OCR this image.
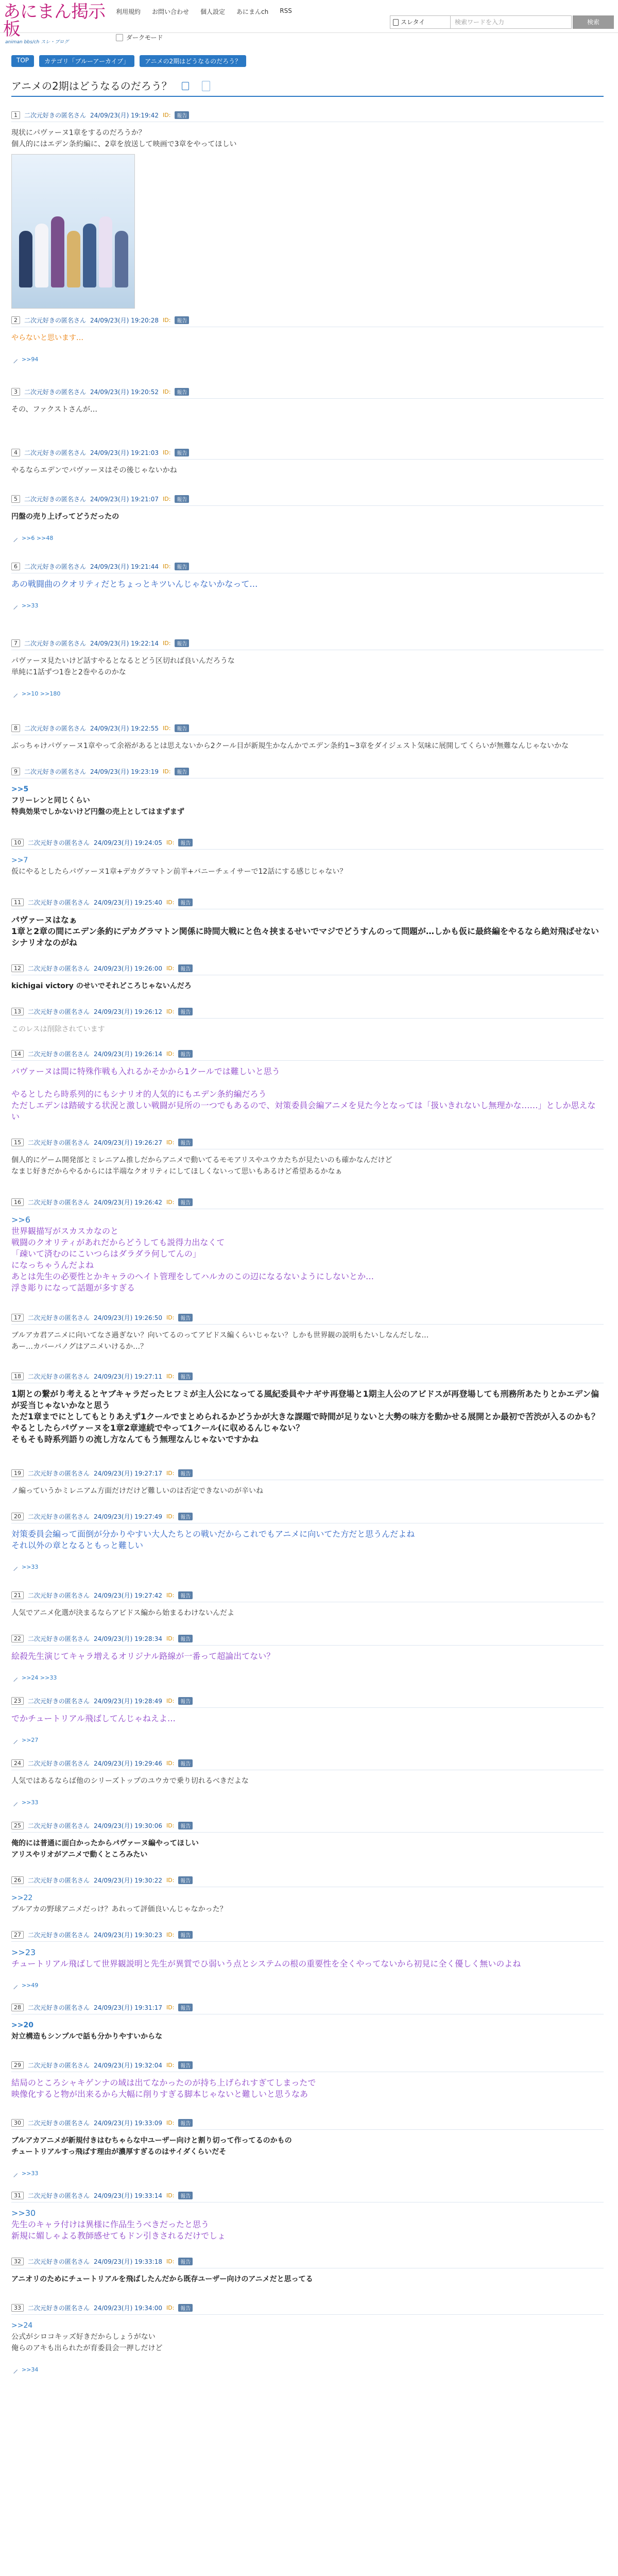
あにまん掲示板
animan bbs/ch スレ・ブログ
利用規約 お問い合わせ 個人設定 あにまんch RSS
スレタイ	検索ワードを入力	検索
ダークモード
TOP	カテゴリ「ブルーアーカイブ」	アニメの2期はどうなるのだろう？
アニメの2期はどうなるのだろう？
1	二次元好きの匿名さん 24/09/23(月) 19:19:42 ID:	報告
現状にパヴァーヌ1章をするのだろうか？
個人的にはエデン条約編に、2章を放送して映画で3章をやってほしい
2	二次元好きの匿名さん 24/09/23(月) 19:20:28 ID:	報告
やらないと思います…
>>94
3	二次元好きの匿名さん 24/09/23(月) 19:20:52 ID:	報告
その、ファクストさんが…
4	二次元好きの匿名さん 24/09/23(月) 19:21:03 ID:	報告
やるならエデンでパヴァーヌはその後じゃないかね
5	二次元好きの匿名さん 24/09/23(月) 19:21:07 ID:	報告
円盤の売り上げってどうだったの
>>6 >>48
6	二次元好きの匿名さん 24/09/23(月) 19:21:44 ID:	報告
あの戦闘曲のクオリティだとちょっとキツいんじゃないかなって…
>>33
7	二次元好きの匿名さん 24/09/23(月) 19:22:14 ID:	報告
パヴァーヌ見たいけど話すやるとなるとどう区切れば良いんだろうな
単純に1話ずつ1巻と2巻やるのかな
>>10 >>180
8	二次元好きの匿名さん 24/09/23(月) 19:22:55 ID:	報告
ぶっちゃけパヴァーヌ1章やって余裕があるとは思えないから2クール目が新規生かなんかでエデン条約1~3章をダイジェスト気味に展開してくらいが無難なんじゃないかな
9	二次元好きの匿名さん 24/09/23(月) 19:23:19 ID:	報告
>>5
フリーレンと同じくらい
特典効果でしかないけど円盤の売上としてはまずまず
10	二次元好きの匿名さん 24/09/23(月) 19:24:05 ID:	報告
>>7
仮にやるとしたらパヴァーヌ1章+デカグラマトン前半+バニーチェイサーで12話にする感じじゃない？
11	二次元好きの匿名さん 24/09/23(月) 19:25:40 ID:	報告
パヴァーヌはなぁ
1章と2章の間にエデン条約にデカグラマトン関係に時間大戦にと色々挟まるせいでマジでどうすんのって問題が…しかも仮に最終編をやるなら絶対飛ばせないシナリオなのがね
12	二次元好きの匿名さん 24/09/23(月) 19:26:00 ID:	報告
kichigai victory のせいでそれどころじゃないんだろ
13	二次元好きの匿名さん 24/09/23(月) 19:26:12 ID:	報告
このレスは削除されています
14	二次元好きの匿名さん 24/09/23(月) 19:26:14 ID:	報告
パヴァーヌは間に特殊作戦も入れるかそかから1クールでは難しいと思う

やるとしたら時系列的にもシナリオ的人気的にもエデン条約編だろう
ただしエデンは踏破する状況と激しい戦闘が見所の一つでもあるので、対策委員会編アニメを見た今となっては「扱いきれないし無理かな……」としか思えない
15	二次元好きの匿名さん 24/09/23(月) 19:26:27 ID:	報告
個人的にゲーム開発部とミレニアム推しだからアニメで動いてるモモアリスやユウカたちが見たいのも確かなんだけど
なまじ好きだからやるからには半端なクオリティにしてほしくないって思いもあるけど希望あるかなぁ
16	二次元好きの匿名さん 24/09/23(月) 19:26:42 ID:	報告
>>6
世界観描写がスカスカなのと
戦闘のクオリティがあれだからどうしても説得力出なくて
「疎いて済むのにこいつらはダラダラ何してんの」
になっちゃうんだよね
あとは先生の必要性とかキャラのヘイト管理をしてハルカのこの辺になるないようにしないとか…
浮き彫りになって話題が多すぎる
17	二次元好きの匿名さん 24/09/23(月) 19:26:50 ID:	報告
ブルアカ君アニメに向いてなさ過ぎない？向いてるのってアビドス編くらいじゃない？しかも世界観の説明もたいしなんだしな…
あー…カバーバノグはアニメいけるか…？
18	二次元好きの匿名さん 24/09/23(月) 19:27:11 ID:	報告
1期との繋がり考えるとヤブキャラだったヒフミが主人公になってる風紀委員やナギサ再登場と1期主人公のアビドスが再登場しても刑務所あたりとかエデン偏が妥当じゃないかなと思う
ただ1章までにとしてもとりあえず1クールでまとめられるかどうかが大きな課題で時間が足りないと大勢の味方を動かせる展開とか最初で苦渋が入るのかも？
やるとしたらパヴァーヌを1章2章連続でやって1クール(に収めるんじゃない？
そもそも時系列語りの流し方なんてもう無理なんじゃないですかね
19	二次元好きの匿名さん 24/09/23(月) 19:27:17 ID:	報告
ノ編っていうかミレニアム方面だけだけど難しいのは否定できないのが辛いね
20	二次元好きの匿名さん 24/09/23(月) 19:27:49 ID:	報告
対策委員会編って面倒が分かりやすい大人たちとの戦いだからこれでもアニメに向いてた方だと思うんだよね
それ以外の章となるともっと難しい
>>33
21	二次元好きの匿名さん 24/09/23(月) 19:27:42 ID:	報告
人気でアニメ化選が決まるならアビドス編から始まるわけないんだよ
22	二次元好きの匿名さん 24/09/23(月) 19:28:34 ID:	報告
絵殺先生演じてキャラ増えるオリジナル路線が一番って超論出てない？
>>24 >>33
23	二次元好きの匿名さん 24/09/23(月) 19:28:49 ID:	報告
でかチュートリアル飛ばしてんじゃねえよ…
>>27
24	二次元好きの匿名さん 24/09/23(月) 19:29:46 ID:	報告
人気ではあるならば他のシリーズトップのユウカで乗り切れるべきだよな
>>33
25	二次元好きの匿名さん 24/09/23(月) 19:30:06 ID:	報告
俺的には普通に面白かったからパヴァーヌ編やってほしい
アリスやリオがアニメで動くところみたい
26	二次元好きの匿名さん 24/09/23(月) 19:30:22 ID:	報告
>>22
ブルアカの野球アニメだっけ？あれって評価良いんじゃなかった？
27	二次元好きの匿名さん 24/09/23(月) 19:30:23 ID:	報告
>>23
チュートリアル飛ばして世界観説明と先生が異質でひ弱いう点とシステムの根の重要性を全くやってないから初見に全く優しく無いのよね
>>49
28	二次元好きの匿名さん 24/09/23(月) 19:31:17 ID:	報告
>>20
対立構造もシンプルで話も分かりやすいからな
29	二次元好きの匿名さん 24/09/23(月) 19:32:04 ID:	報告
結局のところシャキゲンナの域は出てなかったのが持ち上げられすぎてしまったで
映像化すると物が出来るから大幅に削りすぎる脚本じゃないと難しいと思うなあ
30	二次元好きの匿名さん 24/09/23(月) 19:33:09 ID:	報告
ブルアカアニメが新規付きはむちゃらな中ユーザー向けと割り切って作ってるのかもの
チュートリアルすっ飛ばす理由が濃厚すぎるのはサイダくらいだそ
>>33
31	二次元好きの匿名さん 24/09/23(月) 19:33:14 ID:	報告
>>30
先生のキャラ付けは異様に作品生うべきだったと思う
新規に媚しゃよる教師感せてもドン引きされるだけでしょ
32	二次元好きの匿名さん 24/09/23(月) 19:33:18 ID:	報告
アニオリのためにチュートリアルを飛ばしたんだから既存ユーザー向けのアニメだと思ってる
33	二次元好きの匿名さん 24/09/23(月) 19:34:00 ID:	報告
>>24
公式がシロコキッズ好きだからしょうがない
俺らのアキも出られたが育委員会一押しだけど
>>34
